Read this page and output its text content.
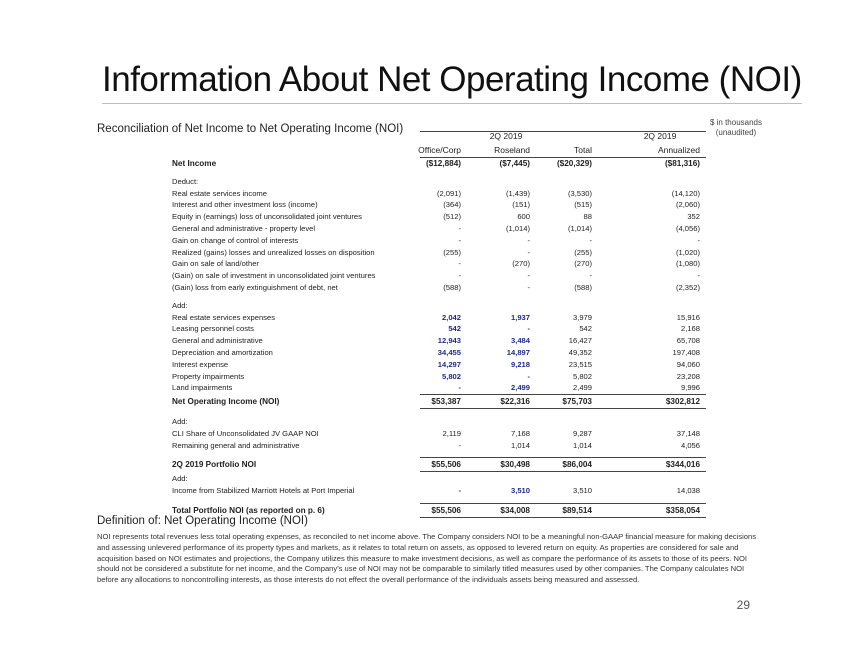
Information About Net Operating Income (NOI)
$ in thousands
(unaudited)
Reconciliation of Net Income to Net Operating Income (NOI)
2Q 2019	2Q 2019
Office/Corp	Roseland	Total	Annualized
Net Income	($12,884)	($7,445)	($20,329)	($81,316)
Deduct:
Real estate services income	(2,091)	(1,439)	(3,530)	(14,120)
Interest and other investment loss (income)	(364)	(151)	(515)	(2,060)
Equity in (earnings) loss of unconsolidated joint ventures	(512)	600	88	352
General and administrative - property level	-	(1,014)	(1,014)	(4,056)
Gain on change of control of interests	-	-	-	-
Realized (gains) losses and unrealized losses on disposition	(255)	-	(255)	(1,020)
Gain on sale of land/other	-	(270)	(270)	(1,080)
(Gain) on sale of investment in unconsolidated joint ventures	-	-	-	-
(Gain) loss from early extinguishment of debt, net	(588)	-	(588)	(2,352)
Add:
Real estate services expenses	2,042	1,937	3,979	15,916
Leasing personnel costs	542	-	542	2,168
General and administrative	12,943	3,484	16,427	65,708
Depreciation and amortization	34,455	14,897	49,352	197,408
Interest expense	14,297	9,218	23,515	94,060
Property impairments	5,802	-	5,802	23,208
Land impairments	-	2,499	2,499	9,996
Net Operating Income (NOI)	$53,387	$22,316	$75,703	$302,812
Add:
CLI Share of Unconsolidated JV GAAP NOI	2,119	7,168	9,287	37,148
Remaining general and administrative	-	1,014	1,014	4,056
2Q 2019 Portfolio NOI	$55,506	$30,498	$86,004	$344,016
Add:
Income from Stabilized Marriott Hotels at Port Imperial	-	3,510	3,510	14,038
Total Portfolio NOI (as reported on p. 6)	$55,506	$34,008	$89,514	$358,054
Definition of: Net Operating Income (NOI)
NOI represents total revenues less total operating expenses, as reconciled to net income above. The Company considers NOI to be a meaningful non-GAAP financial measure for making decisions and assessing unlevered performance of its property types and markets, as it relates to total return on assets, as opposed to levered return on equity. As properties are considered for sale and acquisition based on NOI estimates and projections, the Company utilizes this measure to make investment decisions, as well as compare the performance of its assets to those of its peers. NOI should not be considered a substitute for net income, and the Company's use of NOI may not be comparable to similarly titled measures used by other companies. The Company calculates NOI before any allocations to noncontrolling interests, as those interests do not effect the overall performance of the individuals assets being measured and assessed.
29
